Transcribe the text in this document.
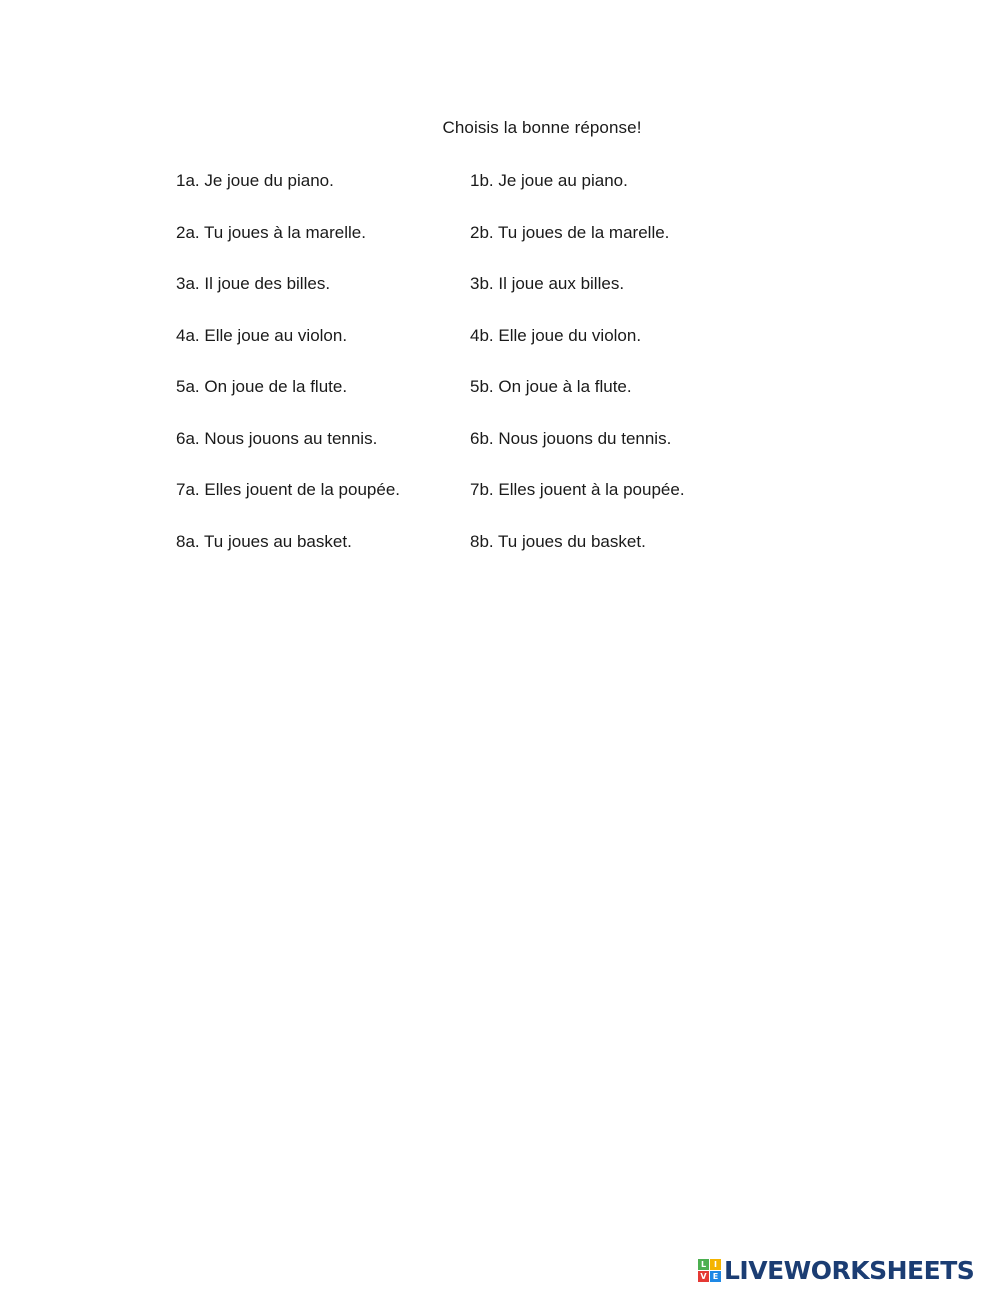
Choisis la bonne réponse!
1a. Je joue du piano.	1b. Je joue au piano.
2a. Tu joues à la marelle.	2b. Tu joues de la marelle.
3a. Il joue des billes.	3b. Il joue aux billes.
4a. Elle joue au violon.	4b. Elle joue du violon.
5a. On joue de la flute.	5b. On joue à la flute.
6a. Nous jouons au tennis.	6b. Nous jouons du tennis.
7a. Elles jouent de la poupée.	7b. Elles jouent à la poupée.
8a. Tu joues au basket.	8b. Tu joues du basket.
L I
V E LIVEWORKSHEETS
